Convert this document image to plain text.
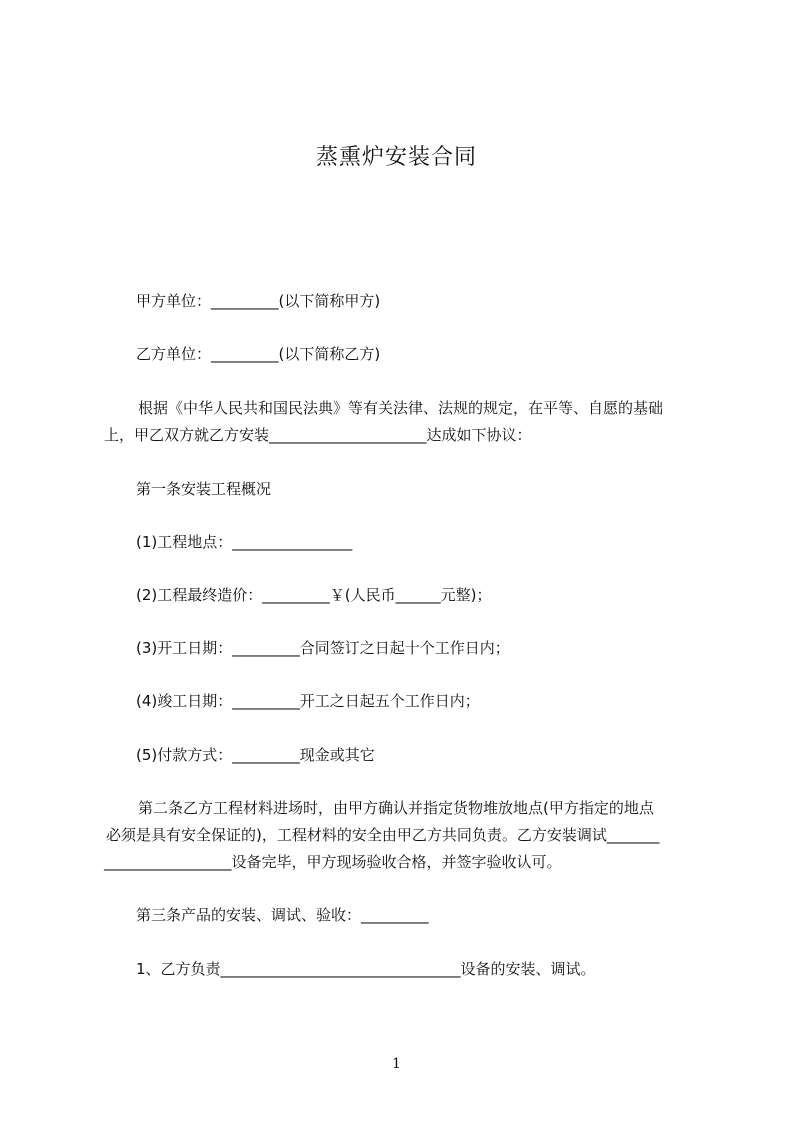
蒸熏炉安装合同
甲方单位：_________(以下简称甲方)
乙方单位：_________(以下简称乙方)
根据《中华人民共和国民法典》等有关法律、法规的规定，在平等、自愿的基础
上，甲乙双方就乙方安装_____________________达成如下协议：
第一条安装工程概况
(1)工程地点：________________
(2)工程最终造价：_________￥(人民币______元整)；
(3)开工日期：_________合同签订之日起十个工作日内；
(4)竣工日期：_________开工之日起五个工作日内；
(5)付款方式：_________现金或其它
第二条乙方工程材料进场时，由甲方确认并指定货物堆放地点(甲方指定的地点
必须是具有安全保证的)，工程材料的安全由甲乙方共同负责。乙方安装调试_______
_________________设备完毕，甲方现场验收合格，并签字验收认可。
第三条产品的安装、调试、验收：_________
1、乙方负责________________________________设备的安装、调试。
1
